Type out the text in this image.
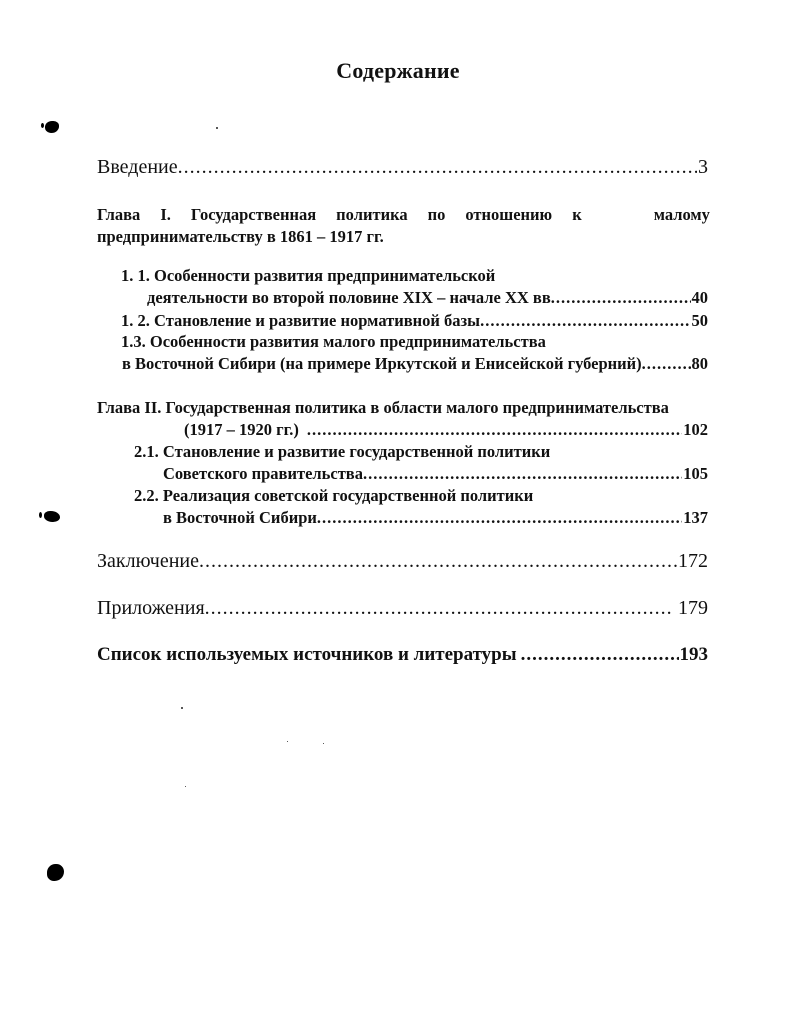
Содержание
Введение .....	3
Глава I. Государственная политика по отношению к	малому
предпринимательству в 1861 – 1917 гг.
1. 1. Особенности развития предпринимательской
деятельности во второй половине XIX – начале XX вв .....	40
1. 2. Становление и развитие нормативной базы .....	50
1.3. Особенности развития малого предпринимательства
в Восточной Сибири (на примере Иркутской и Енисейской губерний) .....	80
Глава II. Государственная политика в области малого предпринимательства
(1917 – 1920 гг.) .....	102
2.1. Становление и развитие государственной политики
Советского правительства .....	105
2.2. Реализация советской государственной политики
в Восточной Сибири .....	137
Заключение .....	172
Приложения .....	179
Список используемых источников и литературы .....	193
